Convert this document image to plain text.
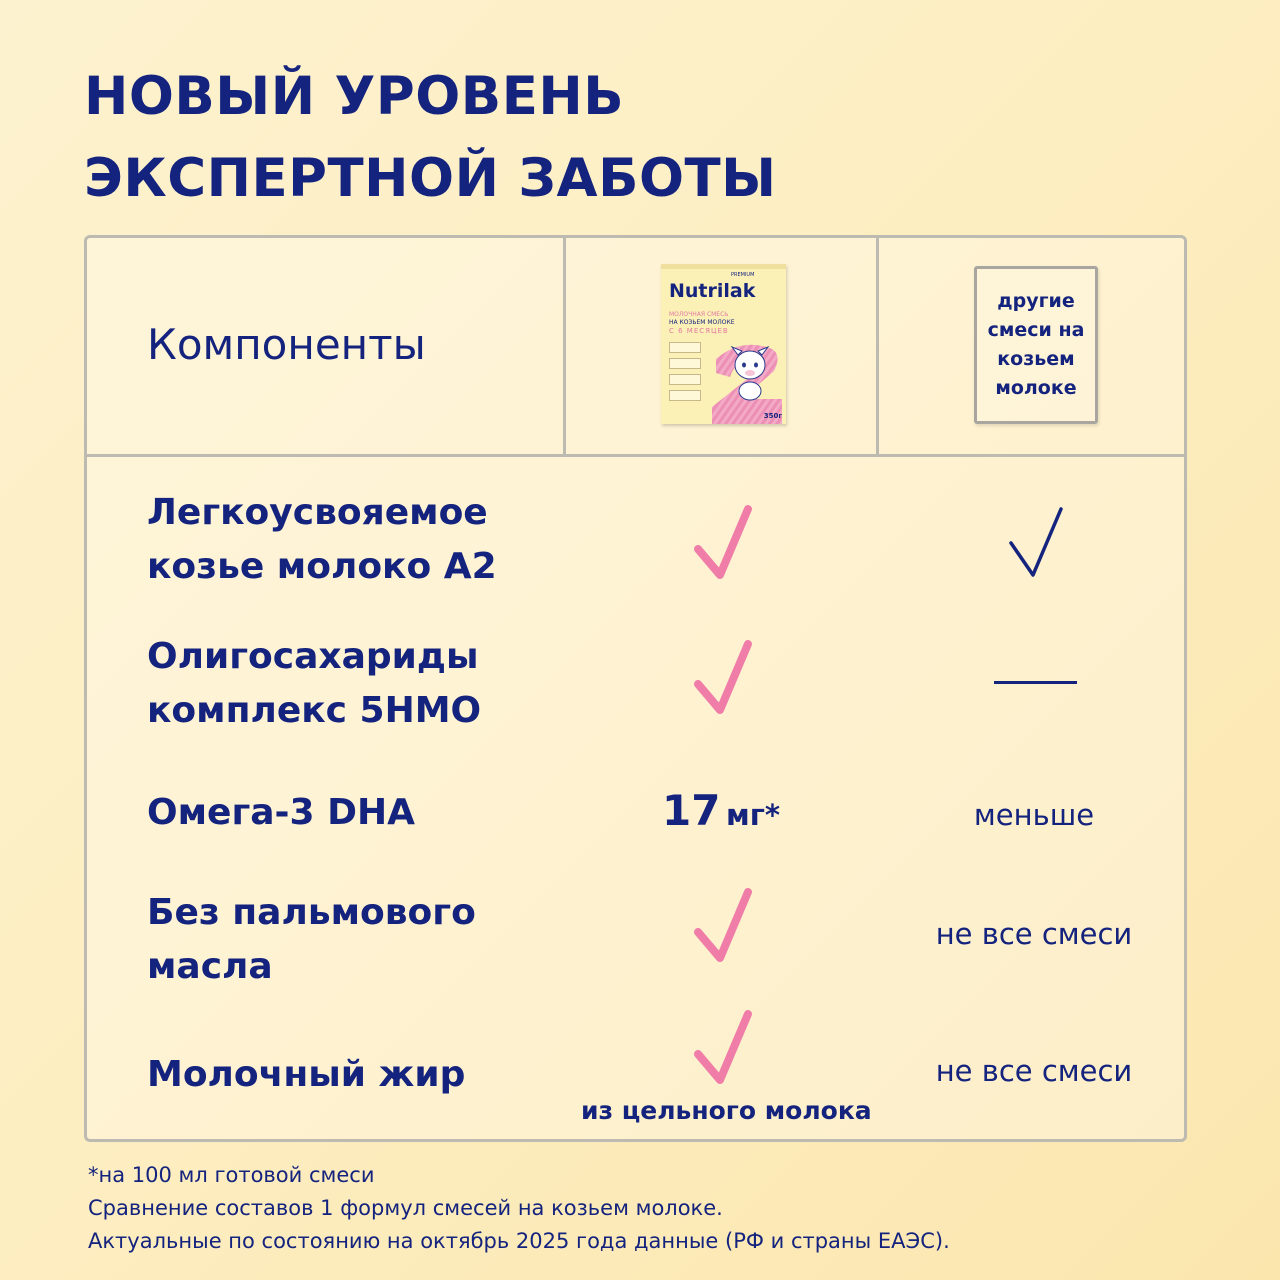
НОВЫЙ УРОВЕНЬ
ЭКСПЕРТНОЙ ЗАБОТЫ
Компоненты
PREMIUM
Nutrilak
МОЛОЧНАЯ СМЕСЬ
НА КОЗЬЕМ МОЛОКЕ
С 6 МЕСЯЦЕВ
350г
другие
смеси на
козьем
молоке
Легкоусвояемое
козье молоко А2
Олигосахариды
комплекс 5НМО
Омега-3 DHA	17 мг*	меньше
Без пальмового
масла
не все смеси
Молочный жир
из цельного молока
не все смеси
*на 100 мл готовой смеси
Сравнение составов 1 формул смесей на козьем молоке.
Актуальные по состоянию на октябрь 2025 года данные (РФ и страны ЕАЭС).
